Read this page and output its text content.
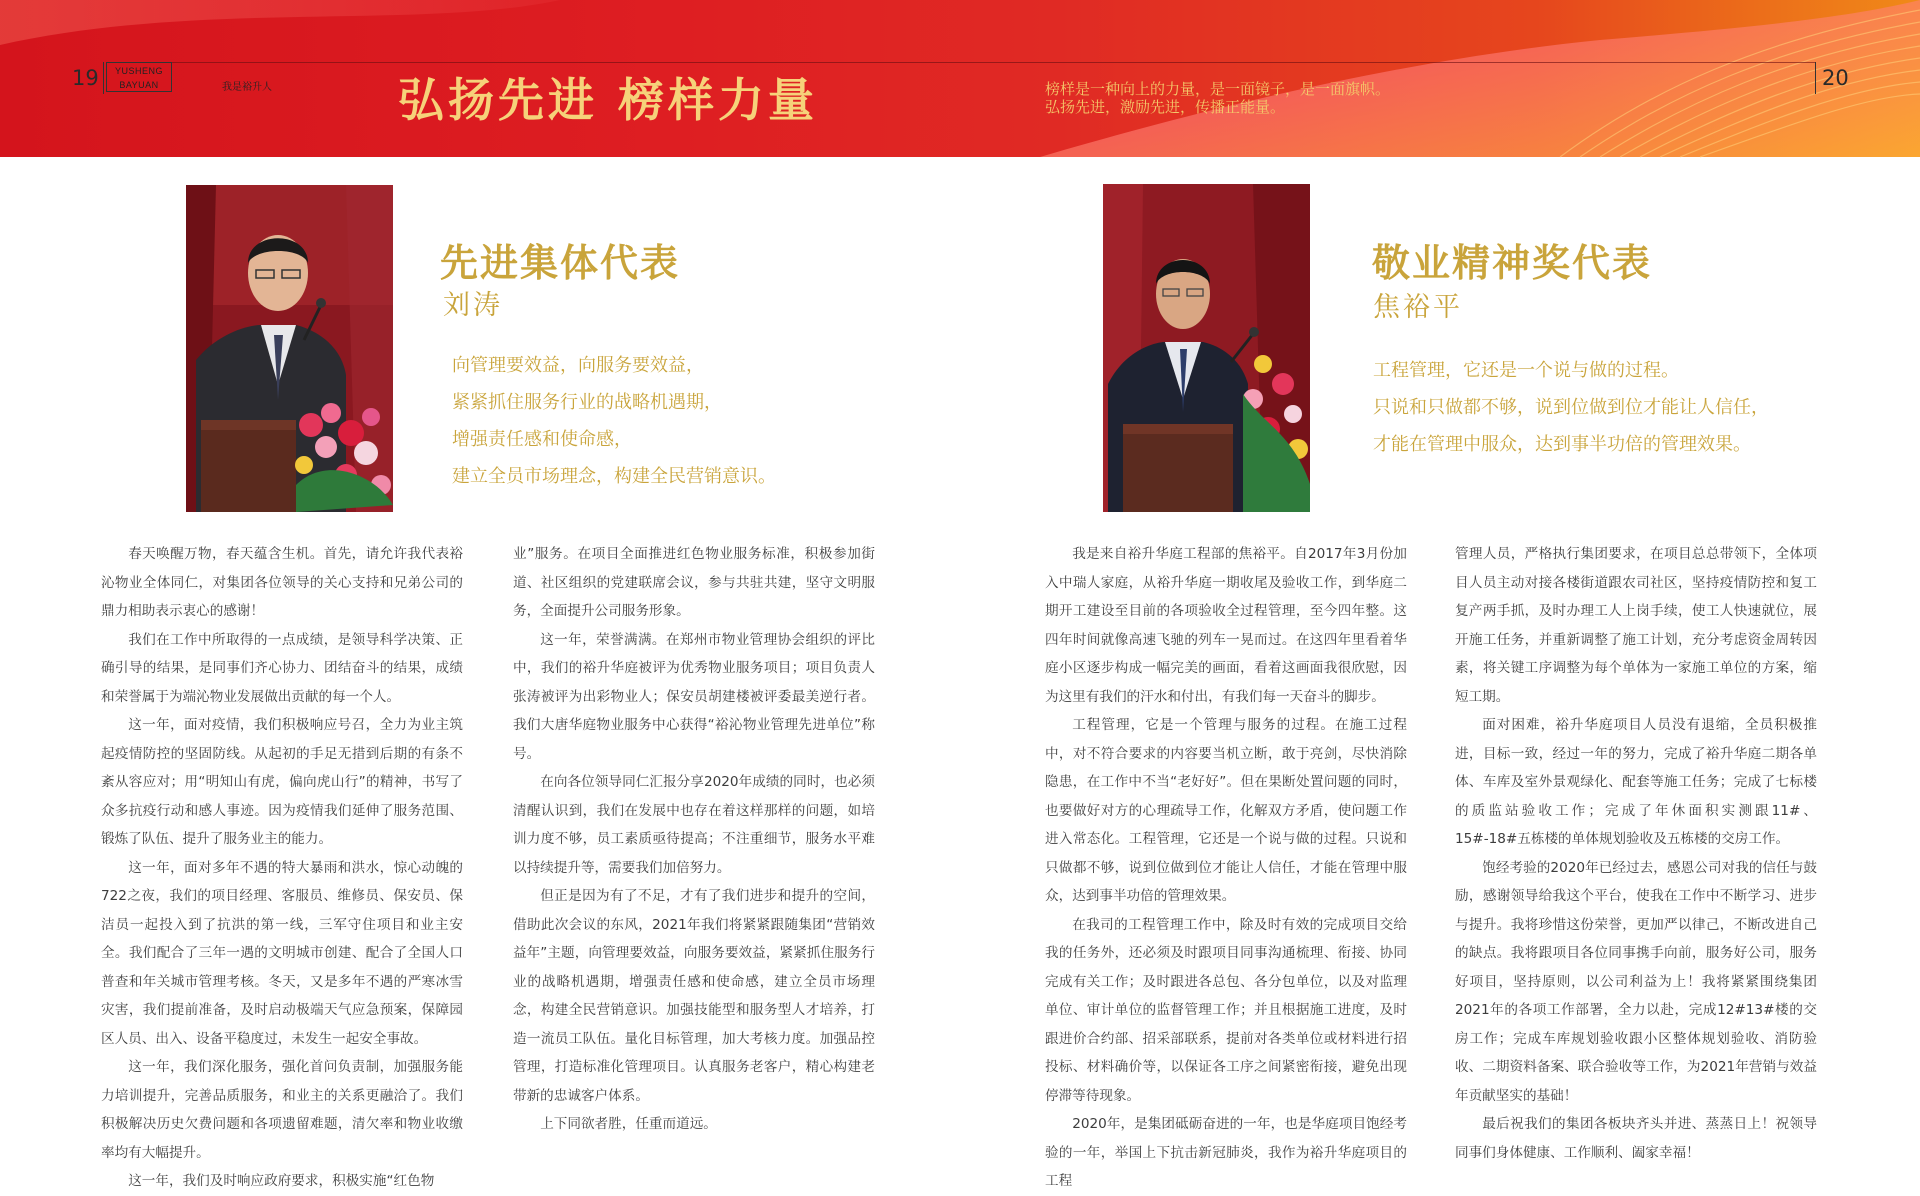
19	YUSHENG
BAYUAN	我是裕升人	弘扬先进 榜样力量	榜样是一种向上的力量，是一面镜子，是一面旗帜。
弘扬先进，激励先进，传播正能量。
20
先进集体代表
刘涛

向管理要效益，向服务要效益，

紧紧抓住服务行业的战略机遇期，

增强责任感和使命感，

建立全员市场理念，构建全民营销意识。

春天唤醒万物，春天蕴含生机。首先，请允许我代表裕沁物业全体同仁，对集团各位领导的关心支持和兄弟公司的鼎力相助表示衷心的感谢！

我们在工作中所取得的一点成绩，是领导科学决策、正确引导的结果，是同事们齐心协力、团结奋斗的结果，成绩和荣誉属于为端沁物业发展做出贡献的每一个人。

这一年，面对疫情，我们积极响应号召，全力为业主筑起疫情防控的坚固防线。从起初的手足无措到后期的有条不紊从容应对；用“明知山有虎，偏向虎山行”的精神，书写了众多抗疫行动和感人事迹。因为疫情我们延伸了服务范围、锻炼了队伍、提升了服务业主的能力。

这一年，面对多年不遇的特大暴雨和洪水，惊心动魄的722之夜，我们的项目经理、客服员、维修员、保安员、保洁员一起投入到了抗洪的第一线，三军守住项目和业主安全。我们配合了三年一遇的文明城市创建、配合了全国人口普查和年关城市管理考核。冬天，又是多年不遇的严寒冰雪灾害，我们提前准备，及时启动极端天气应急预案，保障园区人员、出入、设备平稳度过，未发生一起安全事故。

这一年，我们深化服务，强化首问负责制，加强服务能力培训提升，完善品质服务，和业主的关系更融洽了。我们积极解决历史欠费问题和各项遗留难题，清欠率和物业收缴率均有大幅提升。

这一年，我们及时响应政府要求，积极实施“红色物

业”服务。在项目全面推进红色物业服务标准，积极参加街道、社区组织的党建联席会议，参与共驻共建，坚守文明服务，全面提升公司服务形象。

这一年，荣誉满满。在郑州市物业管理协会组织的评比中，我们的裕升华庭被评为优秀物业服务项目；项目负责人张涛被评为出彩物业人；保安员胡建楼被评委最美逆行者。我们大唐华庭物业服务中心获得“裕沁物业管理先进单位”称号。

在向各位领导同仁汇报分享2020年成绩的同时，也必须清醒认识到，我们在发展中也存在着这样那样的问题，如培训力度不够，员工素质亟待提高；不注重细节，服务水平难以持续提升等，需要我们加倍努力。

但正是因为有了不足，才有了我们进步和提升的空间，借助此次会议的东风，2021年我们将紧紧跟随集团“营销效益年”主题，向管理要效益，向服务要效益，紧紧抓住服务行业的战略机遇期，增强责任感和使命感，建立全员市场理念，构建全民营销意识。加强技能型和服务型人才培养，打造一流员工队伍。量化目标管理，加大考核力度。加强品控管理，打造标准化管理项目。认真服务老客户，精心构建老带新的忠诚客户体系。

上下同欲者胜，任重而道远。

敬业精神奖代表
焦裕平

工程管理，它还是一个说与做的过程。

只说和只做都不够，说到位做到位才能让人信任，

才能在管理中服众，达到事半功倍的管理效果。

我是来自裕升华庭工程部的焦裕平。自2017年3月份加入中瑞人家庭，从裕升华庭一期收尾及验收工作，到华庭二期开工建设至目前的各项验收全过程管理，至今四年整。这四年时间就像高速飞驰的列车一晃而过。在这四年里看着华庭小区逐步构成一幅完美的画面，看着这画面我很欣慰，因为这里有我们的汗水和付出，有我们每一天奋斗的脚步。

工程管理，它是一个管理与服务的过程。在施工过程中，对不符合要求的内容要当机立断，敢于亮剑，尽快消除隐患，在工作中不当“老好好”。但在果断处置问题的同时，也要做好对方的心理疏导工作，化解双方矛盾，使问题工作进入常态化。工程管理，它还是一个说与做的过程。只说和只做都不够，说到位做到位才能让人信任，才能在管理中服众，达到事半功倍的管理效果。

在我司的工程管理工作中，除及时有效的完成项目交给我的任务外，还必须及时跟项目同事沟通梳理、衔接、协同完成有关工作；及时跟进各总包、各分包单位，以及对监理单位、审计单位的监督管理工作；并且根据施工进度，及时跟进价合约部、招采部联系，提前对各类单位或材料进行招投标、材料确价等，以保证各工序之间紧密衔接，避免出现停滞等待现象。

2020年，是集团砥砺奋进的一年，也是华庭项目饱经考验的一年，举国上下抗击新冠肺炎，我作为裕升华庭项目的工程

管理人员，严格执行集团要求，在项目总总带领下，全体项目人员主动对接各楼街道跟农司社区，坚持疫情防控和复工复产两手抓，及时办理工人上岗手续，使工人快速就位，展开施工任务，并重新调整了施工计划，充分考虑资金周转因素，将关键工序调整为每个单体为一家施工单位的方案，缩短工期。

面对困难，裕升华庭项目人员没有退缩，全员积极推进，目标一致，经过一年的努力，完成了裕升华庭二期各单体、车库及室外景观绿化、配套等施工任务；完成了七标楼的质监站验收工作；完成了年休面积实测跟11#、15#-18#五栋楼的单体规划验收及五栋楼的交房工作。

饱经考验的2020年已经过去，感恩公司对我的信任与鼓励，感谢领导给我这个平台，使我在工作中不断学习、进步与提升。我将珍惜这份荣誉，更加严以律己，不断改进自己的缺点。我将跟项目各位同事携手向前，服务好公司，服务好项目，坚持原则，以公司利益为上！我将紧紧围绕集团2021年的各项工作部署，全力以赴，完成12#13#楼的交房工作；完成车库规划验收跟小区整体规划验收、消防验收、二期资料备案、联合验收等工作，为2021年营销与效益年贡献坚实的基础！

最后祝我们的集团各板块齐头并进、蒸蒸日上！祝领导同事们身体健康、工作顺利、阖家幸福！
